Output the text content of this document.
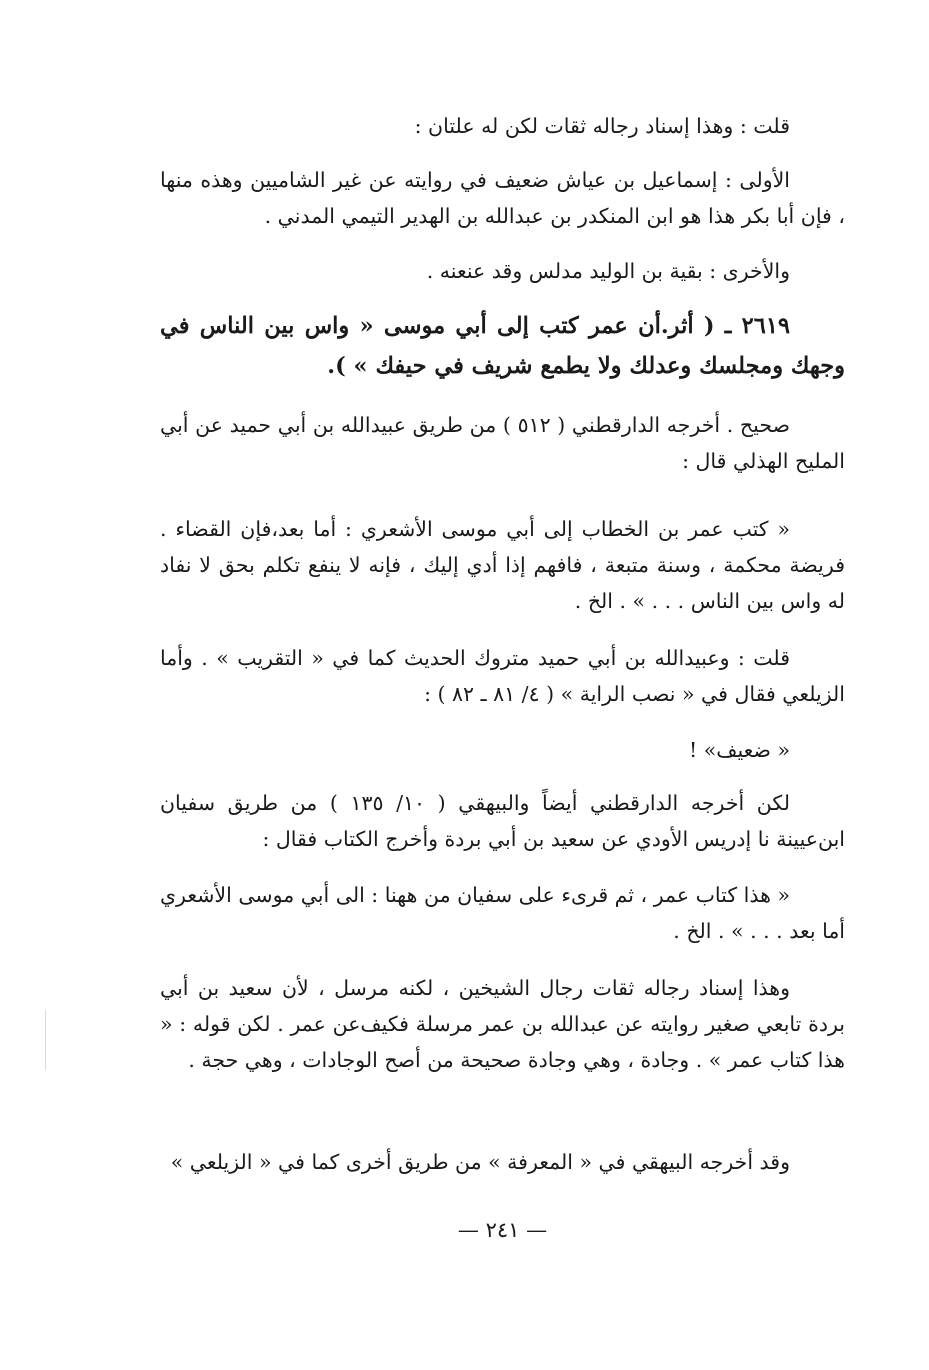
قلت : وهذا إسناد رجاله ثقات لكن له علتان :

الأولى : إسماعيل بن عياش ضعيف في روايته عن غير الشاميين وهذه منها ، فإن أبا بكر هذا هو ابن المنكدر بن عبدالله بن الهدير التيمي المدني .

والأخرى : بقية بن الوليد مدلس وقد عنعنه .

٢٦١٩ ـ ( أثر.أن عمر كتب إلى أبي موسى « واس بين الناس في وجهك ومجلسك وعدلك ولا يطمع شريف في حيفك » ).

صحيح . أخرجه الدارقطني ( ٥١٢ ) من طريق عبيدالله بن أبي حميد عن أبي المليح الهذلي قال :

« كتب عمر بن الخطاب إلى أبي موسى الأشعري : أما بعد،فإن القضاء . فريضة محكمة ، وسنة متبعة ، فافهم إذا أدي إليك ، فإنه لا ينفع تكلم بحق لا نفاد له واس بين الناس . . . » . الخ .

قلت : وعبيدالله بن أبي حميد متروك الحديث كما في « التقريب » . وأما الزيلعي فقال في « نصب الراية » ( ٤/ ٨١ ـ ٨٢ ) :

« ضعيف» !

لكن أخرجه الدارقطني أيضاً والبيهقي ( ١٠/ ١٣٥ ) من طريق سفيان ابن‌عيينة نا إدريس الأودي عن سعيد بن أبي بردة وأخرج الكتاب فقال :

« هذا كتاب عمر ، ثم قرىء على سفيان من ههنا : الى أبي موسى الأشعري أما بعد . . . » . الخ .

وهذا إسناد رجاله ثقات رجال الشيخين ، لكنه مرسل ، لأن سعيد بن أبي بردة تابعي صغير روايته عن عبدالله بن عمر مرسلة فكيف‌عن عمر . لكن قوله : « هذا كتاب عمر » . وجادة ، وهي وجادة صحيحة من أصح الوجادات ، وهي حجة .

وقد أخرجه البيهقي في « المعرفة » من طريق أخرى كما في « الزيلعي »

— ٢٤١ —
